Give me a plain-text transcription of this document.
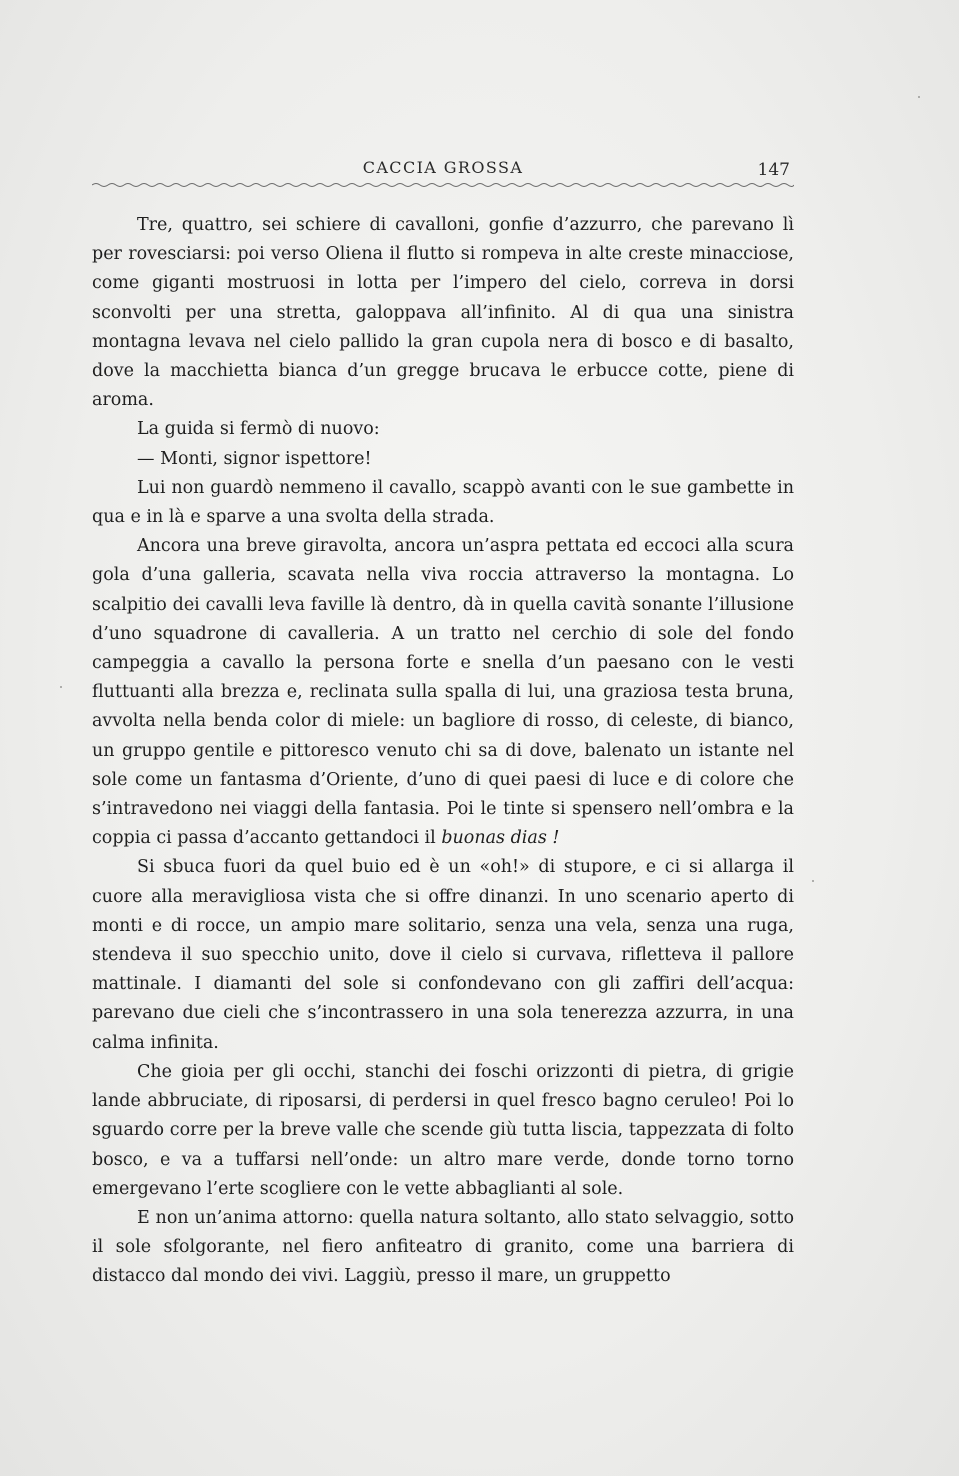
CACCIA GROSSA	147

Tre, quattro, sei schiere di cavalloni, gonfie d’azzurro, che parevano lì per rovesciarsi: poi verso Oliena il flutto si rompeva in alte creste minacciose, come giganti mostruosi in lotta per l’impero del cielo, correva in dorsi sconvolti per una stretta, galoppava all’infinito. Al di qua una sinistra montagna levava nel cielo pallido la gran cupola nera di bosco e di basalto, dove la macchietta bianca d’un gregge brucava le erbucce cotte, piene di aroma.

La guida si fermò di nuovo:

— Monti, signor ispettore!

Lui non guardò nemmeno il cavallo, scappò avanti con le sue gambette in qua e in là e sparve a una svolta della strada.

Ancora una breve giravolta, ancora un’aspra pettata ed eccoci alla scura gola d’una galleria, scavata nella viva roccia attraverso la montagna. Lo scalpitio dei cavalli leva faville là dentro, dà in quella cavità sonante l’illusione d’uno squadrone di cavalleria. A un tratto nel cerchio di sole del fondo campeggia a cavallo la persona forte e snella d’un paesano con le vesti fluttuanti alla brezza e, reclinata sulla spalla di lui, una graziosa testa bruna, avvolta nella benda color di miele: un bagliore di rosso, di celeste, di bianco, un gruppo gentile e pittoresco venuto chi sa di dove, balenato un istante nel sole come un fantasma d’Oriente, d’uno di quei paesi di luce e di colore che s’intravedono nei viaggi della fantasia. Poi le tinte si spensero nell’ombra e la coppia ci passa d’accanto gettandoci il buonas dias !

Si sbuca fuori da quel buio ed è un «oh!» di stupore, e ci si allarga il cuore alla meravigliosa vista che si offre dinanzi. In uno scenario aperto di monti e di rocce, un ampio mare solitario, senza una vela, senza una ruga, stendeva il suo specchio unito, dove il cielo si curvava, rifletteva il pallore mattinale. I diamanti del sole si confondevano con gli zaffiri dell’acqua: parevano due cieli che s’incontrassero in una sola tenerezza azzurra, in una calma infinita.

Che gioia per gli occhi, stanchi dei foschi orizzonti di pietra, di grigie lande abbruciate, di riposarsi, di perdersi in quel fresco bagno ceruleo! Poi lo sguardo corre per la breve valle che scende giù tutta liscia, tappezzata di folto bosco, e va a tuffarsi nell’onde: un altro mare verde, donde torno torno emergevano l’erte scogliere con le vette abbaglianti al sole.

E non un’anima attorno: quella natura soltanto, allo stato selvaggio, sotto il sole sfolgorante, nel fiero anfiteatro di granito, come una barriera di distacco dal mondo dei vivi. Laggiù, presso il mare, un gruppetto
